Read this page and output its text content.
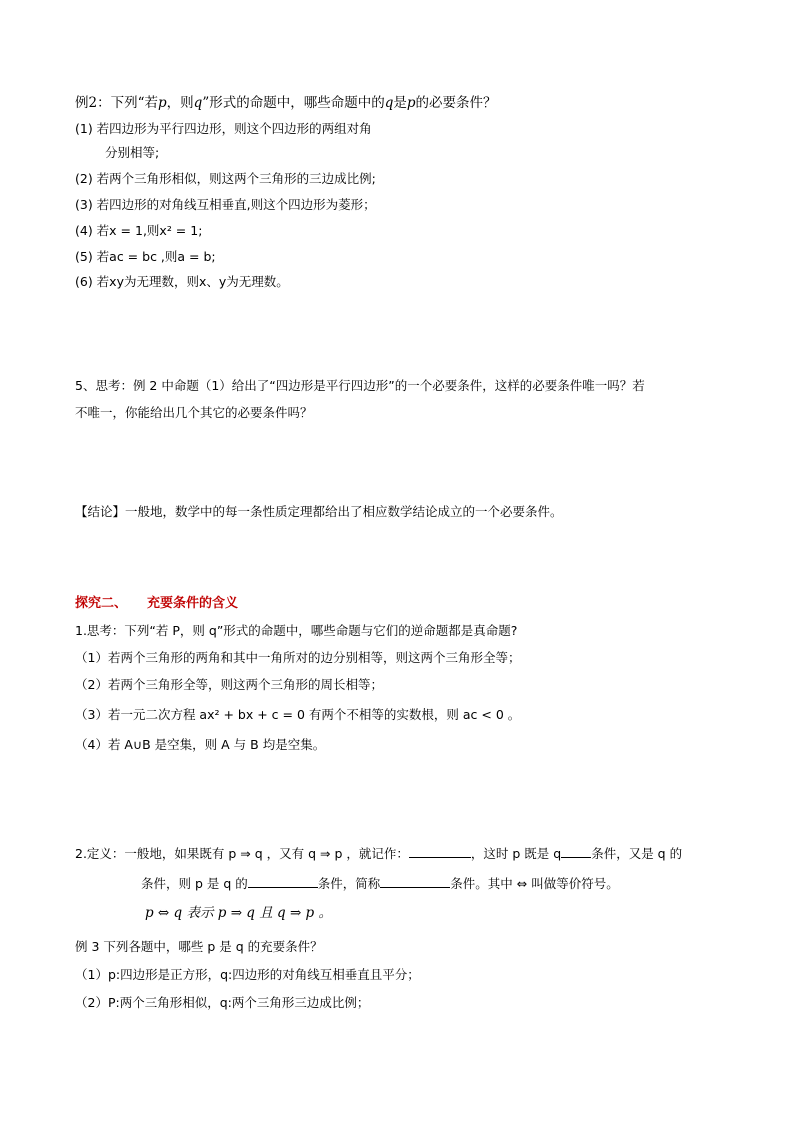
例2：下列“若p，则q”形式的命题中，哪些命题中的q是p的必要条件？
(1) 若四边形为平行四边形，则这个四边形的两组对角
分别相等;
(2) 若两个三角形相似，则这两个三角形的三边成比例;
(3) 若四边形的对角线互相垂直,则这个四边形为菱形；
(4) 若x = 1,则x² = 1;
(5) 若ac = bc ,则a = b;
(6) 若xy为无理数，则x、y为无理数。
5、思考：例 2 中命题（1）给出了“四边形是平行四边形”的一个必要条件，这样的必要条件唯一吗？若
不唯一，你能给出几个其它的必要条件吗？
【结论】一般地，数学中的每一条性质定理都给出了相应数学结论成立的一个必要条件。
探究二、 充要条件的含义
1.思考：下列“若 P，则 q”形式的命题中，哪些命题与它们的逆命题都是真命题?
（1）若两个三角形的两角和其中一角所对的边分别相等，则这两个三角形全等；
（2）若两个三角形全等，则这两个三角形的周长相等；
（3）若一元二次方程 ax² + bx + c = 0 有两个不相等的实数根，则 ac < 0 。
（4）若 A∪B 是空集，则 A 与 B 均是空集。
2.定义：一般地，如果既有 p ⇒ q ，又有 q ⇒ p ，就记作：	，这时 p 既是 q 条件，又是 q 的
条件，则 p 是 q 的	条件，简称	条件。其中 ⇔ 叫做等价符号。
p ⇔ q 表示 p ⇒ q 且 q ⇒ p 。
例 3 下列各题中，哪些 p 是 q 的充要条件？
（1）p:四边形是正方形，q:四边形的对角线互相垂直且平分；
（2）P:两个三角形相似，q:两个三角形三边成比例；
